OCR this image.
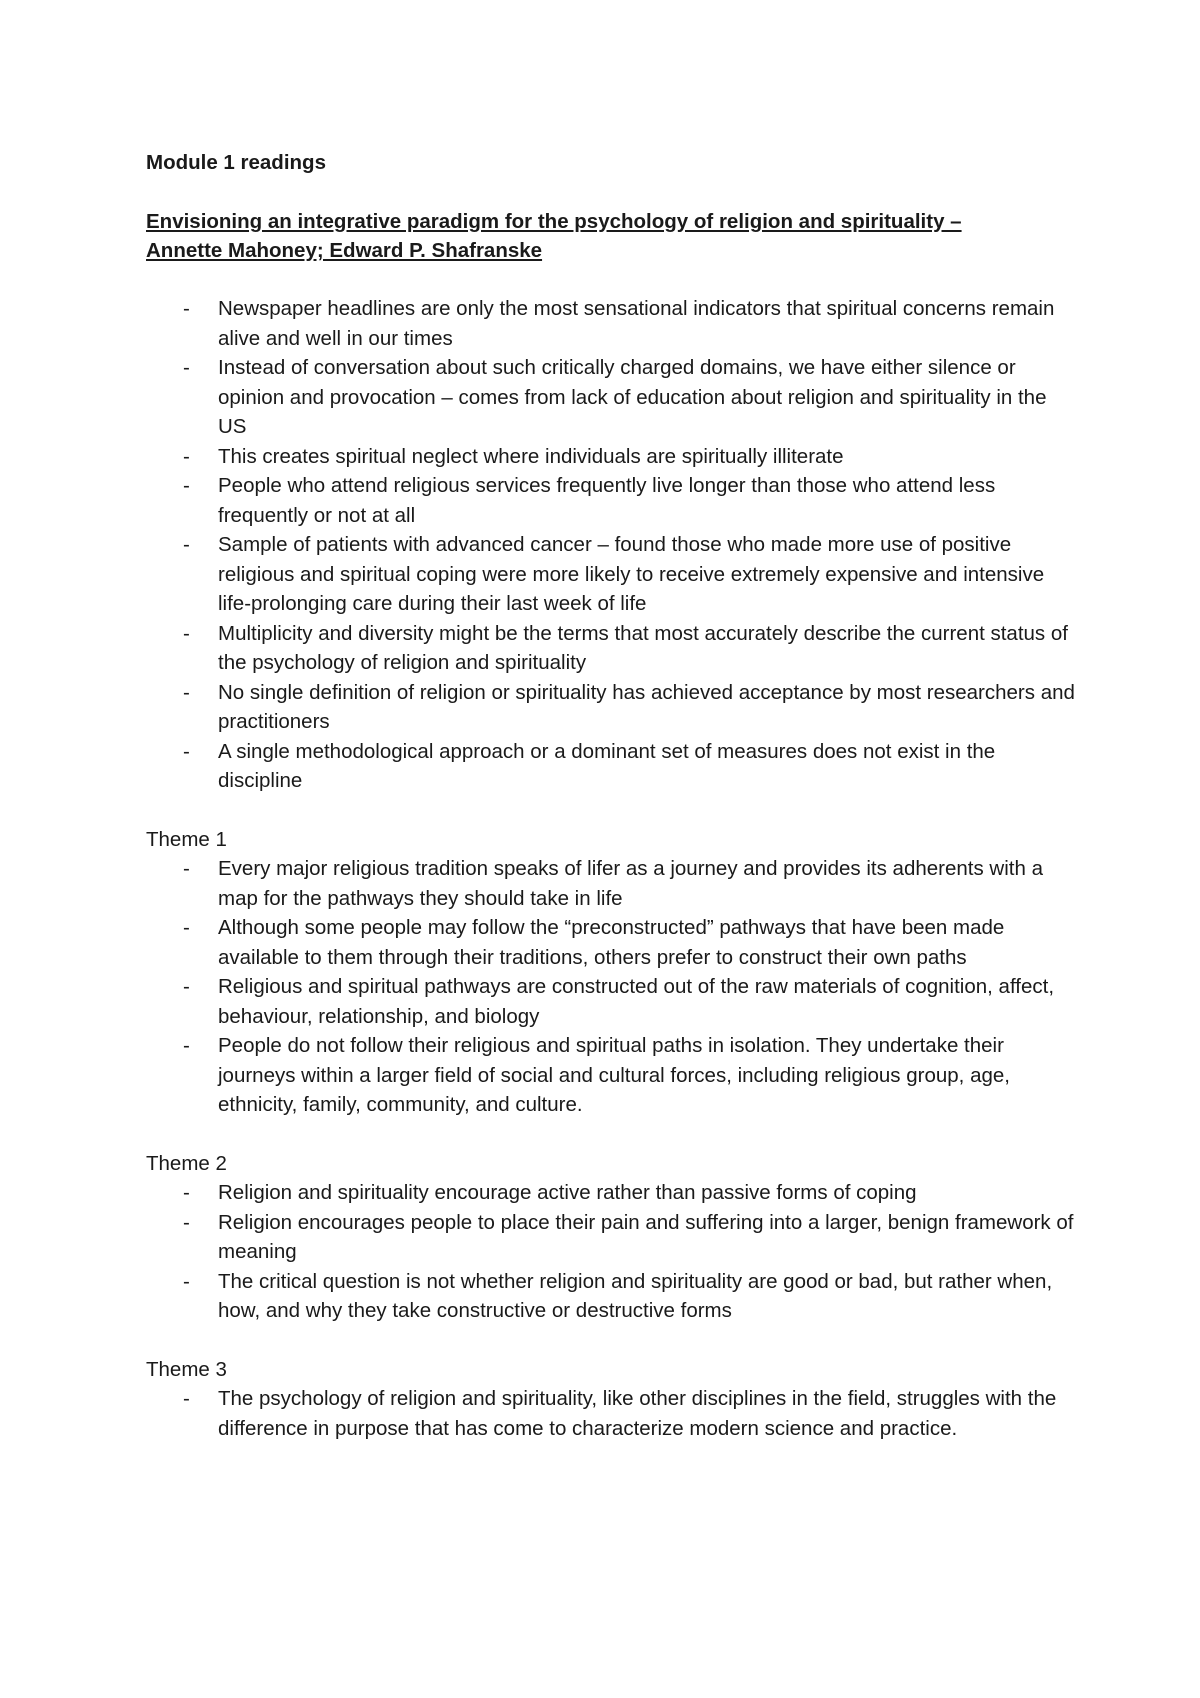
Module 1 readings
Envisioning an integrative paradigm for the psychology of religion and spirituality –
Annette Mahoney; Edward P. Shafranske
- Newspaper headlines are only the most sensational indicators that spiritual concerns remain alive and well in our times
- Instead of conversation about such critically charged domains, we have either silence or opinion and provocation – comes from lack of education about religion and spirituality in the US
- This creates spiritual neglect where individuals are spiritually illiterate
- People who attend religious services frequently live longer than those who attend less frequently or not at all
- Sample of patients with advanced cancer – found those who made more use of positive religious and spiritual coping were more likely to receive extremely expensive and intensive life-prolonging care during their last week of life
- Multiplicity and diversity might be the terms that most accurately describe the current status of the psychology of religion and spirituality
- No single definition of religion or spirituality has achieved acceptance by most researchers and practitioners
- A single methodological approach or a dominant set of measures does not exist in the discipline
Theme 1
- Every major religious tradition speaks of lifer as a journey and provides its adherents with a map for the pathways they should take in life
- Although some people may follow the “preconstructed” pathways that have been made available to them through their traditions, others prefer to construct their own paths
- Religious and spiritual pathways are constructed out of the raw materials of cognition, affect, behaviour, relationship, and biology
- People do not follow their religious and spiritual paths in isolation. They undertake their journeys within a larger field of social and cultural forces, including religious group, age, ethnicity, family, community, and culture.
Theme 2
- Religion and spirituality encourage active rather than passive forms of coping
- Religion encourages people to place their pain and suffering into a larger, benign framework of meaning
- The critical question is not whether religion and spirituality are good or bad, but rather when, how, and why they take constructive or destructive forms
Theme 3
- The psychology of religion and spirituality, like other disciplines in the field, struggles with the difference in purpose that has come to characterize modern science and practice.
